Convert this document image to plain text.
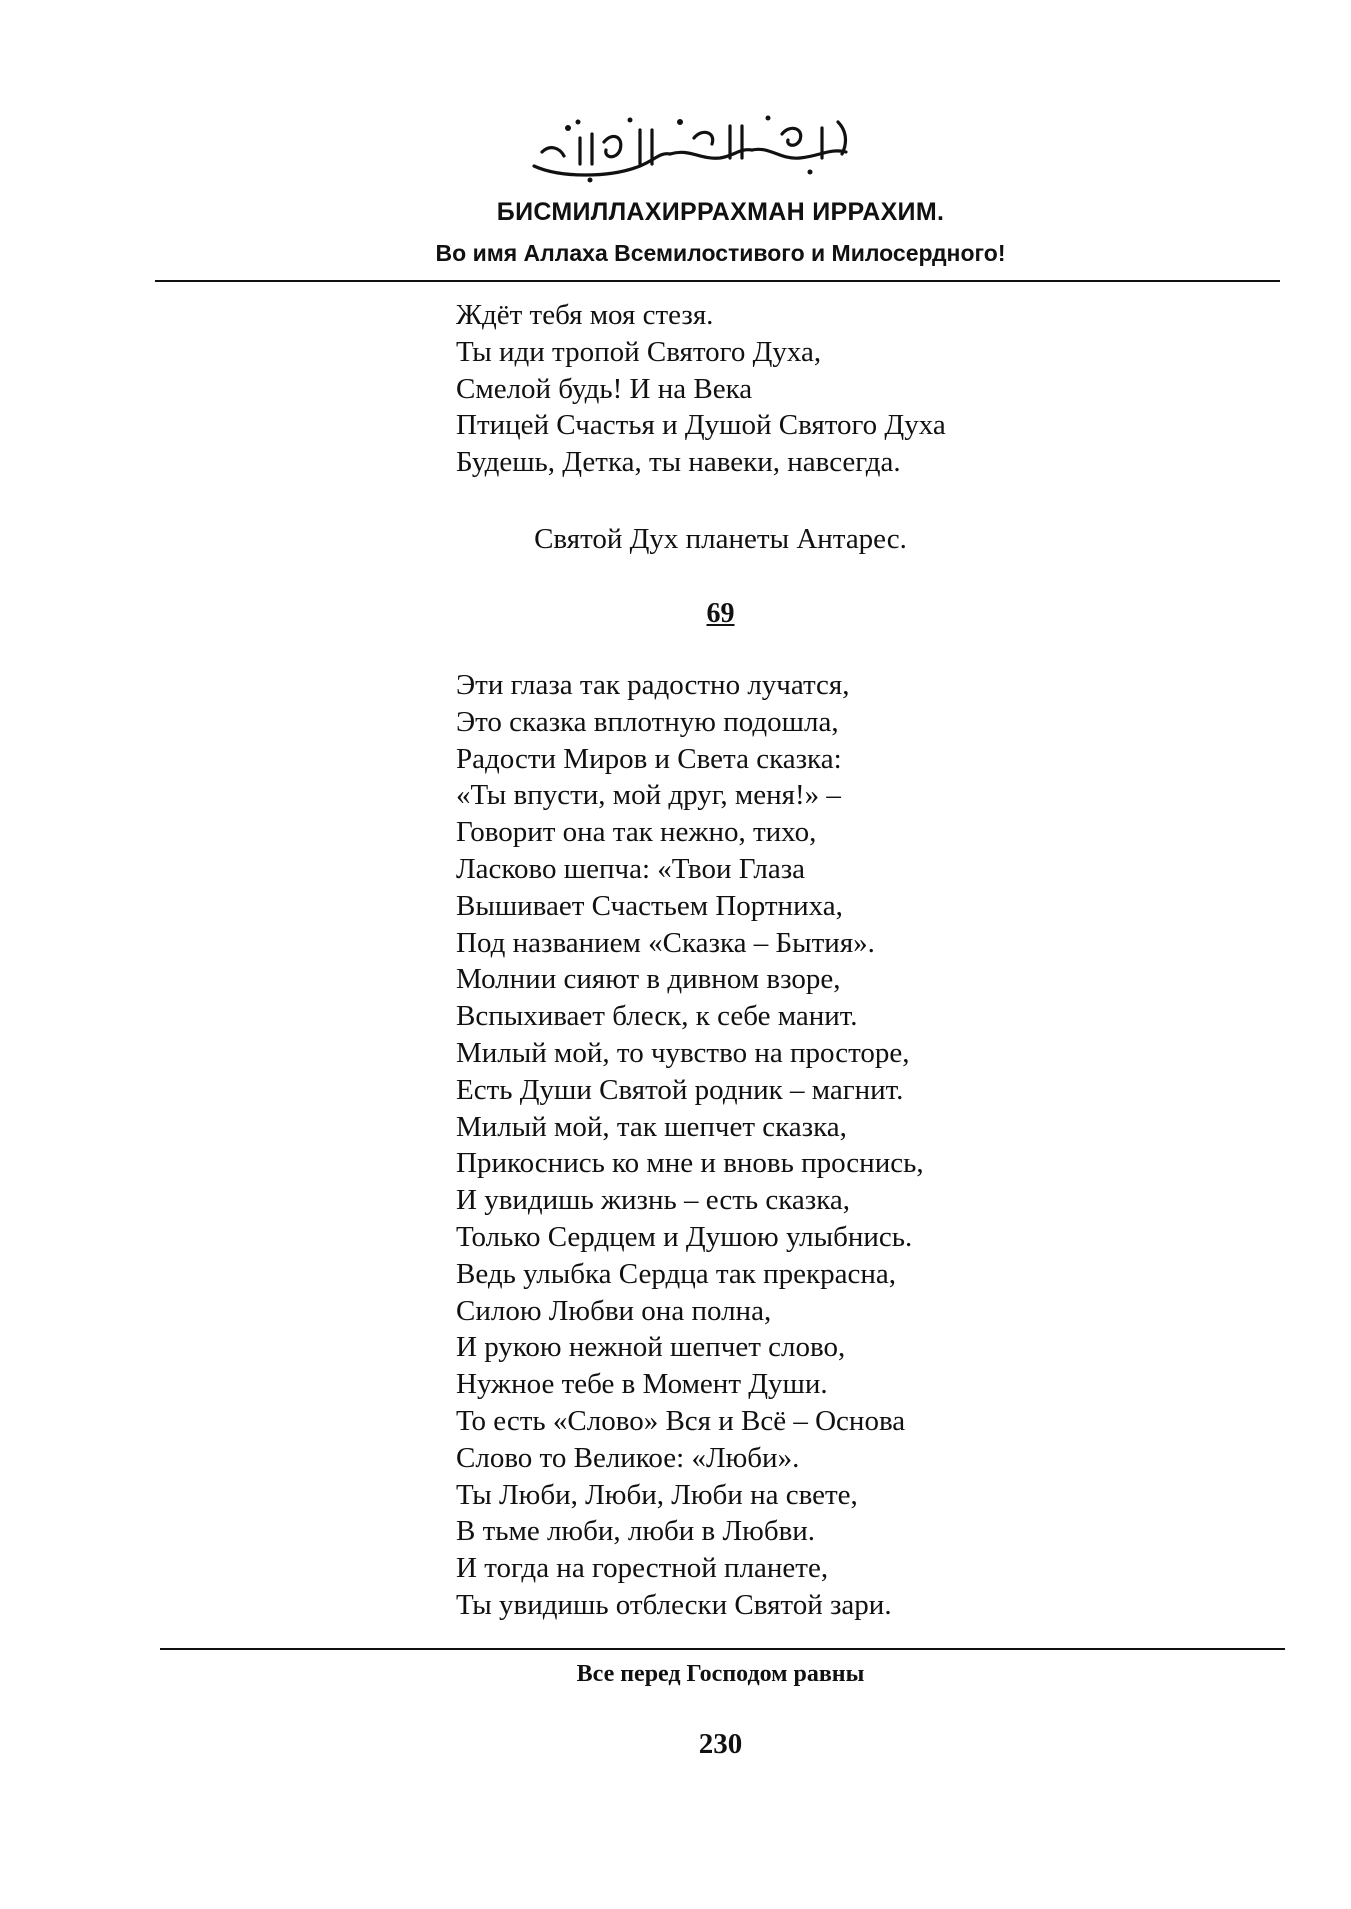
БИСМИЛЛАХИРРАХМАН ИРРАХИМ.
Во имя Аллаха Всемилостивого и Милосердного!
Ждёт тебя моя стезя.
Ты иди тропой Святого Духа,
Смелой будь! И на Века
Птицей Счастья и Душой Святого Духа
Будешь, Детка, ты навеки, навсегда.
Святой Дух планеты Антарес.
69
Эти глаза так радостно лучатся,
Это сказка вплотную подошла,
Радости Миров и Света сказка:
«Ты впусти, мой друг, меня!» –
Говорит она так нежно, тихо,
Ласково шепча: «Твои Глаза
Вышивает Счастьем Портниха,
Под названием «Сказка – Бытия».
Молнии сияют в дивном взоре,
Вспыхивает блеск, к себе манит.
Милый мой, то чувство на просторе,
Есть Души Святой родник – магнит.
Милый мой, так шепчет сказка,
Прикоснись ко мне и вновь проснись,
И увидишь жизнь – есть сказка,
Только Сердцем и Душою улыбнись.
Ведь улыбка Сердца так прекрасна,
Силою Любви она полна,
И рукою нежной шепчет слово,
Нужное тебе в Момент Души.
То есть «Слово» Вся и Всё – Основа
Слово то Великое: «Люби».
Ты Люби, Люби, Люби на свете,
В тьме люби, люби в Любви.
И тогда на горестной планете,
Ты увидишь отблески Святой зари.
Все перед Господом равны
230
